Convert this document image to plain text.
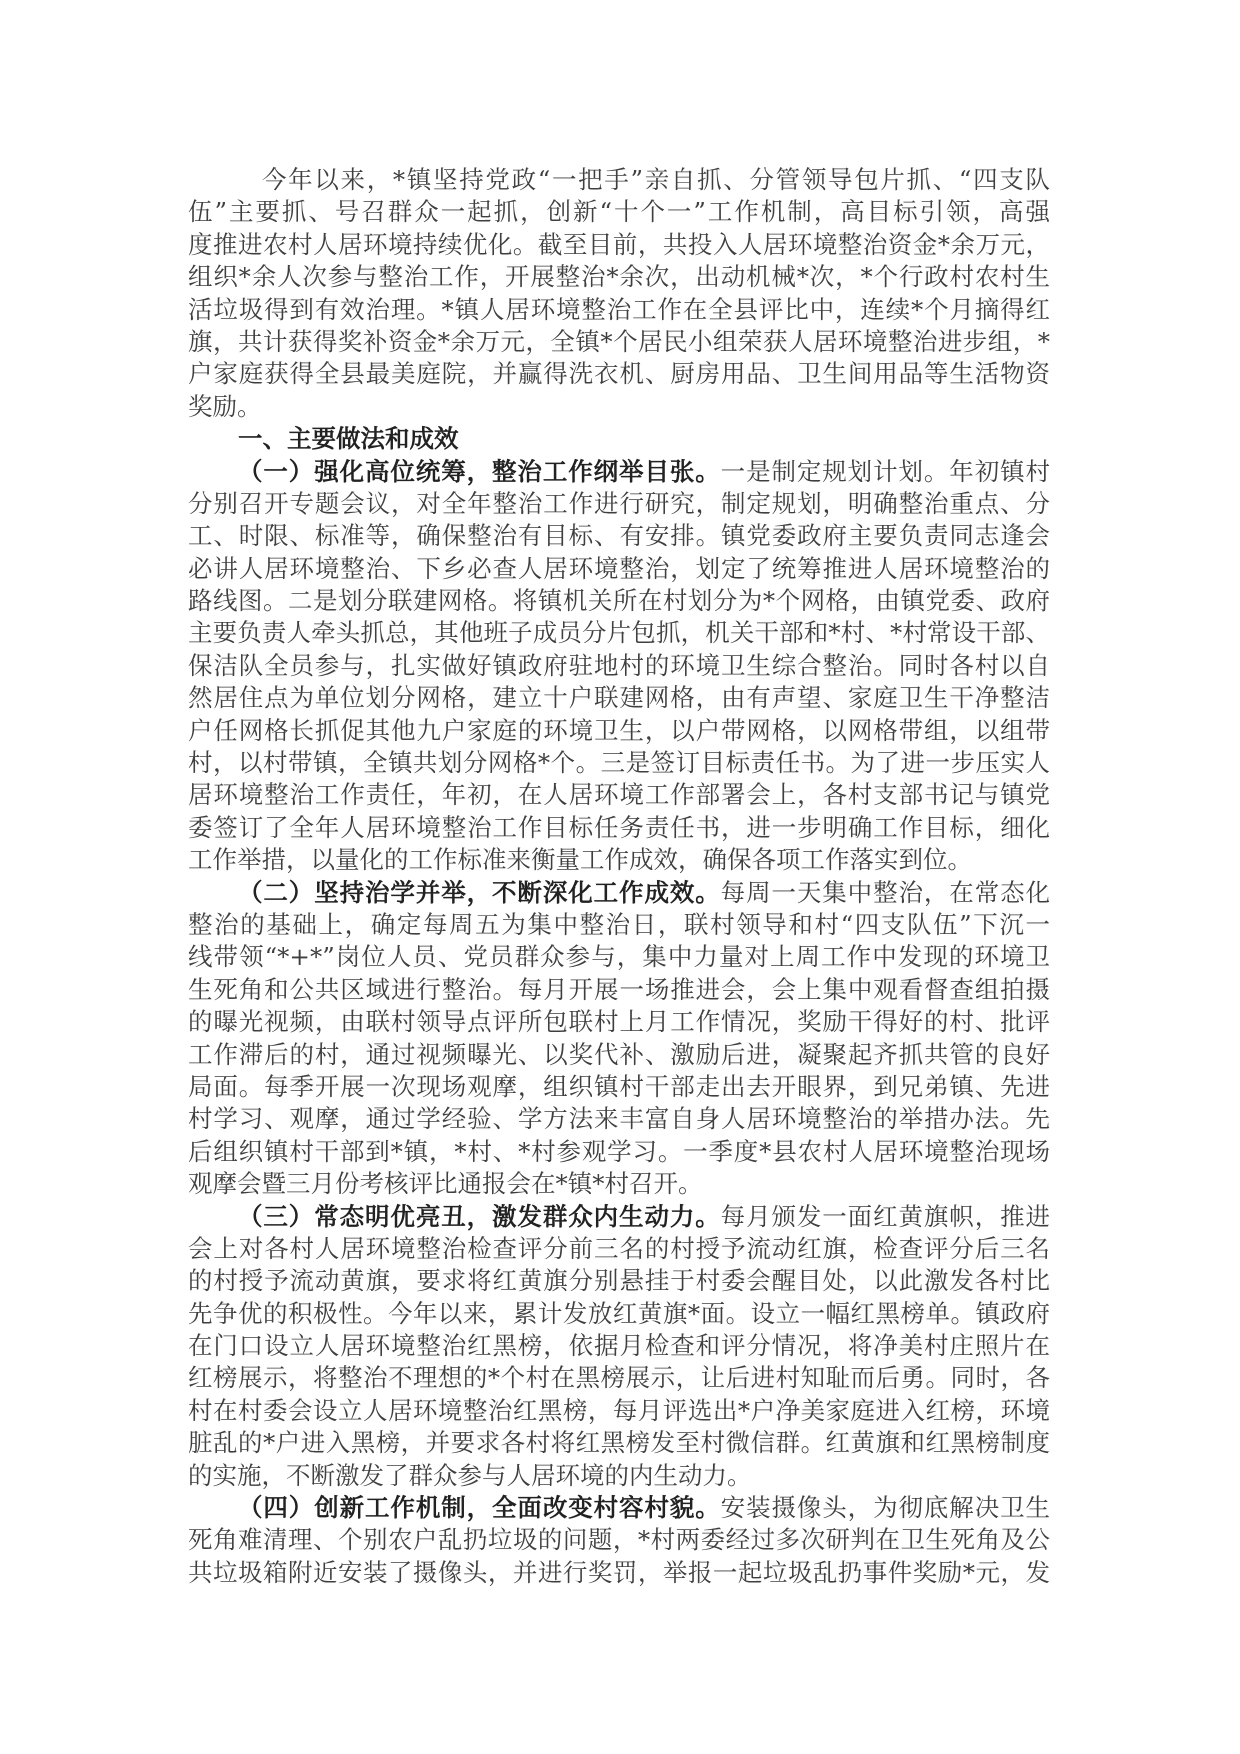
今年以来，*镇坚持党政“一把手”亲自抓、分管领导包片抓、“四支队
伍”主要抓、号召群众一起抓，创新“十个一”工作机制，高目标引领，高强
度推进农村人居环境持续优化。截至目前，共投入人居环境整治资金*余万元，
组织*余人次参与整治工作，开展整治*余次，出动机械*次，*个行政村农村生
活垃圾得到有效治理。*镇人居环境整治工作在全县评比中，连续*个月摘得红
旗，共计获得奖补资金*余万元，全镇*个居民小组荣获人居环境整治进步组，*
户家庭获得全县最美庭院，并赢得洗衣机、厨房用品、卫生间用品等生活物资
奖励。
一、主要做法和成效
（一）强化高位统筹，整治工作纲举目张。一是制定规划计划。年初镇村
分别召开专题会议，对全年整治工作进行研究，制定规划，明确整治重点、分
工、时限、标准等，确保整治有目标、有安排。镇党委政府主要负责同志逢会
必讲人居环境整治、下乡必查人居环境整治，划定了统筹推进人居环境整治的
路线图。二是划分联建网格。将镇机关所在村划分为*个网格，由镇党委、政府
主要负责人牵头抓总，其他班子成员分片包抓，机关干部和*村、*村常设干部、
保洁队全员参与，扎实做好镇政府驻地村的环境卫生综合整治。同时各村以自
然居住点为单位划分网格，建立十户联建网格，由有声望、家庭卫生干净整洁
户任网格长抓促其他九户家庭的环境卫生，以户带网格，以网格带组，以组带
村，以村带镇，全镇共划分网格*个。三是签订目标责任书。为了进一步压实人
居环境整治工作责任，年初，在人居环境工作部署会上，各村支部书记与镇党
委签订了全年人居环境整治工作目标任务责任书，进一步明确工作目标，细化
工作举措，以量化的工作标准来衡量工作成效，确保各项工作落实到位。
（二）坚持治学并举，不断深化工作成效。每周一天集中整治，在常态化
整治的基础上，确定每周五为集中整治日，联村领导和村“四支队伍”下沉一
线带领“*+*”岗位人员、党员群众参与，集中力量对上周工作中发现的环境卫
生死角和公共区域进行整治。每月开展一场推进会，会上集中观看督查组拍摄
的曝光视频，由联村领导点评所包联村上月工作情况，奖励干得好的村、批评
工作滞后的村，通过视频曝光、以奖代补、激励后进，凝聚起齐抓共管的良好
局面。每季开展一次现场观摩，组织镇村干部走出去开眼界，到兄弟镇、先进
村学习、观摩，通过学经验、学方法来丰富自身人居环境整治的举措办法。先
后组织镇村干部到*镇，*村、*村参观学习。一季度*县农村人居环境整治现场
观摩会暨三月份考核评比通报会在*镇*村召开。
（三）常态明优亮丑，激发群众内生动力。每月颁发一面红黄旗帜，推进
会上对各村人居环境整治检查评分前三名的村授予流动红旗，检查评分后三名
的村授予流动黄旗，要求将红黄旗分别悬挂于村委会醒目处，以此激发各村比
先争优的积极性。今年以来，累计发放红黄旗*面。设立一幅红黑榜单。镇政府
在门口设立人居环境整治红黑榜，依据月检查和评分情况，将净美村庄照片在
红榜展示，将整治不理想的*个村在黑榜展示，让后进村知耻而后勇。同时，各
村在村委会设立人居环境整治红黑榜，每月评选出*户净美家庭进入红榜，环境
脏乱的*户进入黑榜，并要求各村将红黑榜发至村微信群。红黄旗和红黑榜制度
的实施，不断激发了群众参与人居环境的内生动力。
（四）创新工作机制，全面改变村容村貌。安装摄像头，为彻底解决卫生
死角难清理、个别农户乱扔垃圾的问题，*村两委经过多次研判在卫生死角及公
共垃圾箱附近安装了摄像头，并进行奖罚，举报一起垃圾乱扔事件奖励*元，发
